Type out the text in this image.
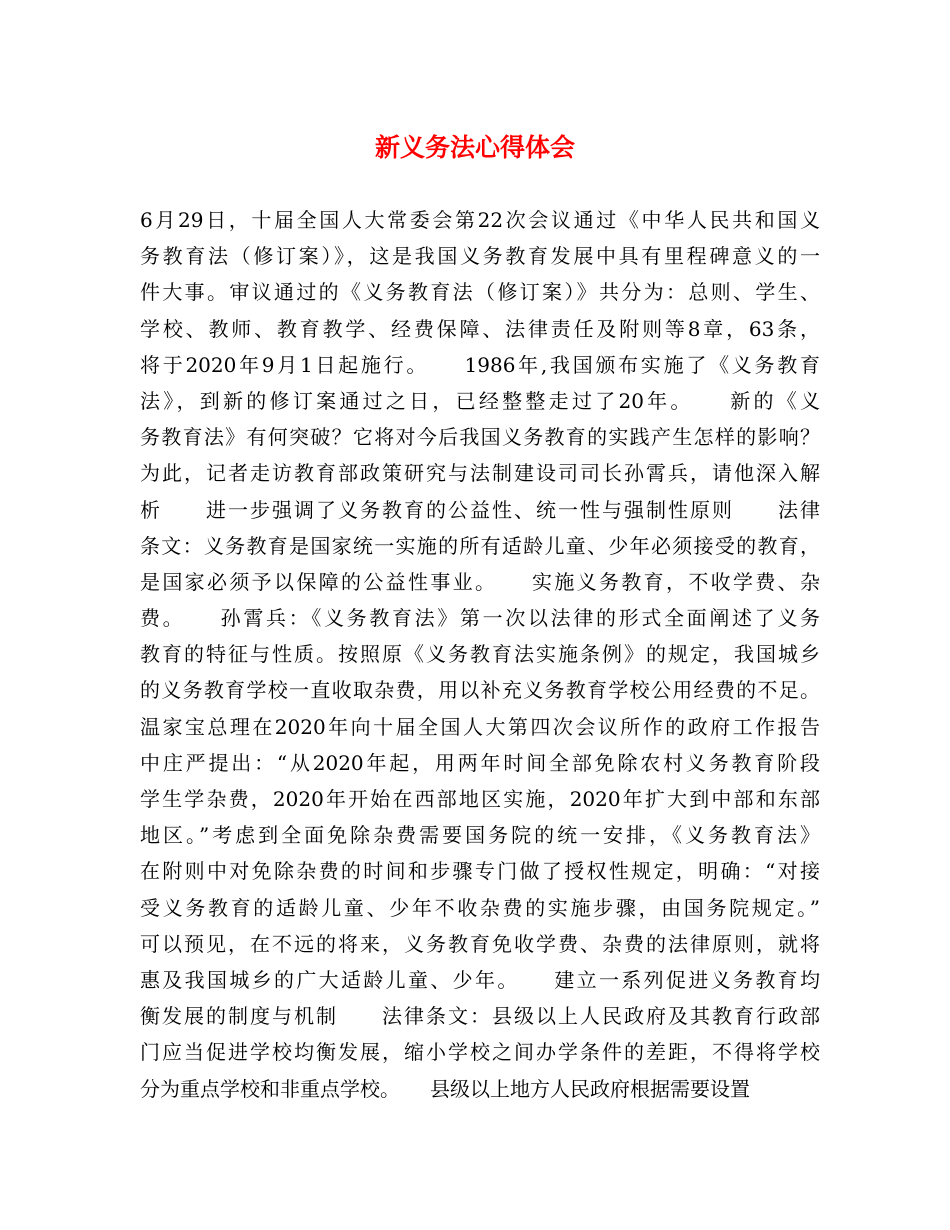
新义务法心得体会
6月29日，十届全国人大常委会第22次会议通过《中华人民共和国义
务教育法（修订案）》，这是我国义务教育发展中具有里程碑意义的一
件大事。审议通过的《义务教育法（修订案）》共分为：总则、学生、
学校、教师、教育教学、经费保障、法律责任及附则等8章，63条，
将于2020年9月1日起施行。　　1986年,我国颁布实施了《义务教育
法》，到新的修订案通过之日，已经整整走过了20年。　　新的《义
务教育法》有何突破？它将对今后我国义务教育的实践产生怎样的影响？
为此，记者走访教育部政策研究与法制建设司司长孙霄兵，请他深入解
析　　进一步强调了义务教育的公益性、统一性与强制性原则　　法律
条文：义务教育是国家统一实施的所有适龄儿童、少年必须接受的教育，
是国家必须予以保障的公益性事业。　　实施义务教育，不收学费、杂
费。　　孙霄兵：《义务教育法》第一次以法律的形式全面阐述了义务
教育的特征与性质。按照原《义务教育法实施条例》的规定，我国城乡
的义务教育学校一直收取杂费，用以补充义务教育学校公用经费的不足。
温家宝总理在2020年向十届全国人大第四次会议所作的政府工作报告
中庄严提出：“从2020年起，用两年时间全部免除农村义务教育阶段
学生学杂费，2020年开始在西部地区实施，2020年扩大到中部和东部
地区。”考虑到全面免除杂费需要国务院的统一安排，《义务教育法》
在附则中对免除杂费的时间和步骤专门做了授权性规定，明确：“对接
受义务教育的适龄儿童、少年不收杂费的实施步骤，由国务院规定。”
可以预见，在不远的将来，义务教育免收学费、杂费的法律原则，就将
惠及我国城乡的广大适龄儿童、少年。　　建立一系列促进义务教育均
衡发展的制度与机制　　法律条文：县级以上人民政府及其教育行政部
门应当促进学校均衡发展，缩小学校之间办学条件的差距，不得将学校
分为重点学校和非重点学校。　　县级以上地方人民政府根据需要设置
